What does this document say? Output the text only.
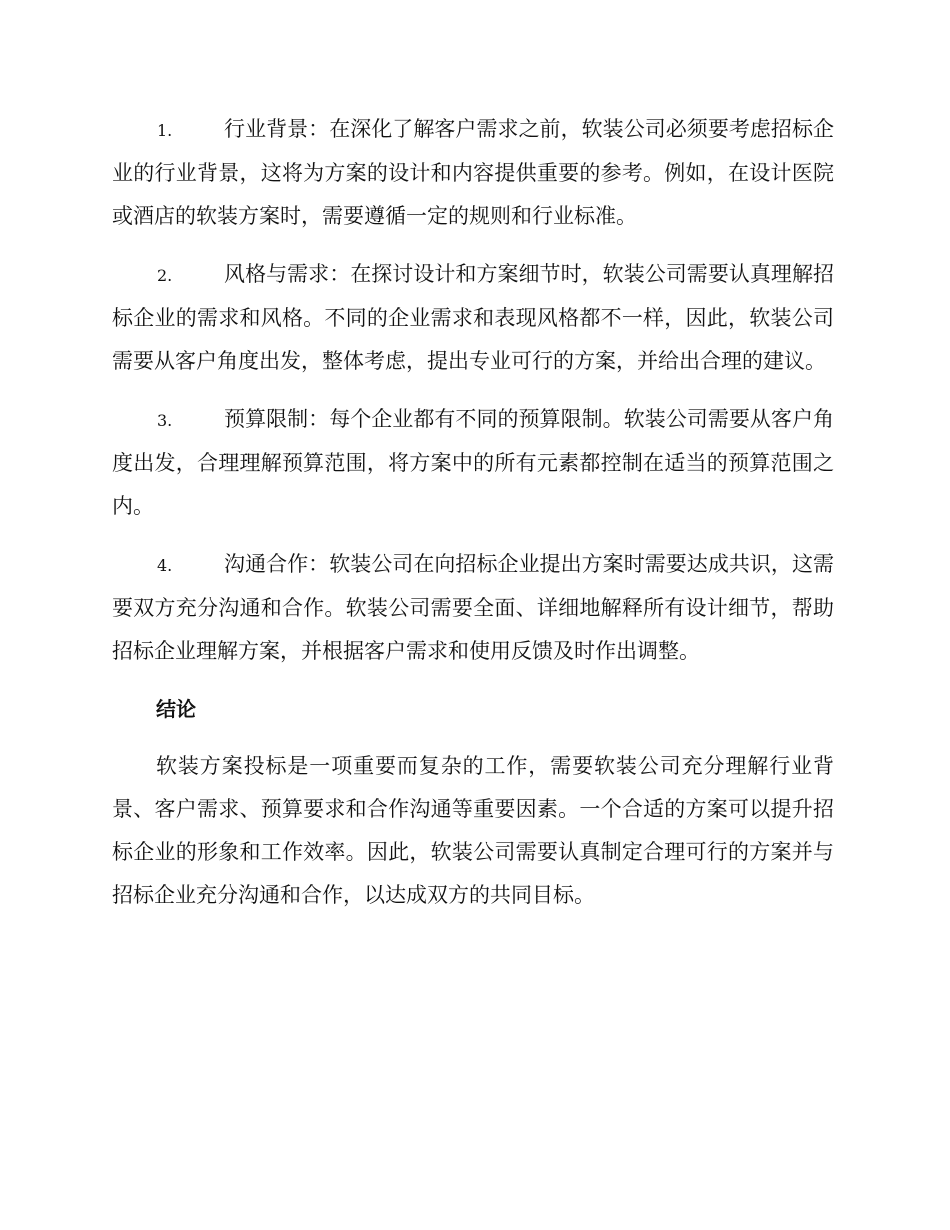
1. 行业背景：在深化了解客户需求之前，软装公司必须要考虑招标企业的行业背景，这将为方案的设计和内容提供重要的参考。例如，在设计医院或酒店的软装方案时，需要遵循一定的规则和行业标准。

2. 风格与需求：在探讨设计和方案细节时，软装公司需要认真理解招标企业的需求和风格。不同的企业需求和表现风格都不一样，因此，软装公司需要从客户角度出发，整体考虑，提出专业可行的方案，并给出合理的建议。

3. 预算限制：每个企业都有不同的预算限制。软装公司需要从客户角度出发，合理理解预算范围，将方案中的所有元素都控制在适当的预算范围之内。

4. 沟通合作：软装公司在向招标企业提出方案时需要达成共识，这需要双方充分沟通和合作。软装公司需要全面、详细地解释所有设计细节，帮助招标企业理解方案，并根据客户需求和使用反馈及时作出调整。

结论

软装方案投标是一项重要而复杂的工作，需要软装公司充分理解行业背景、客户需求、预算要求和合作沟通等重要因素。一个合适的方案可以提升招标企业的形象和工作效率。因此，软装公司需要认真制定合理可行的方案并与招标企业充分沟通和合作，以达成双方的共同目标。
